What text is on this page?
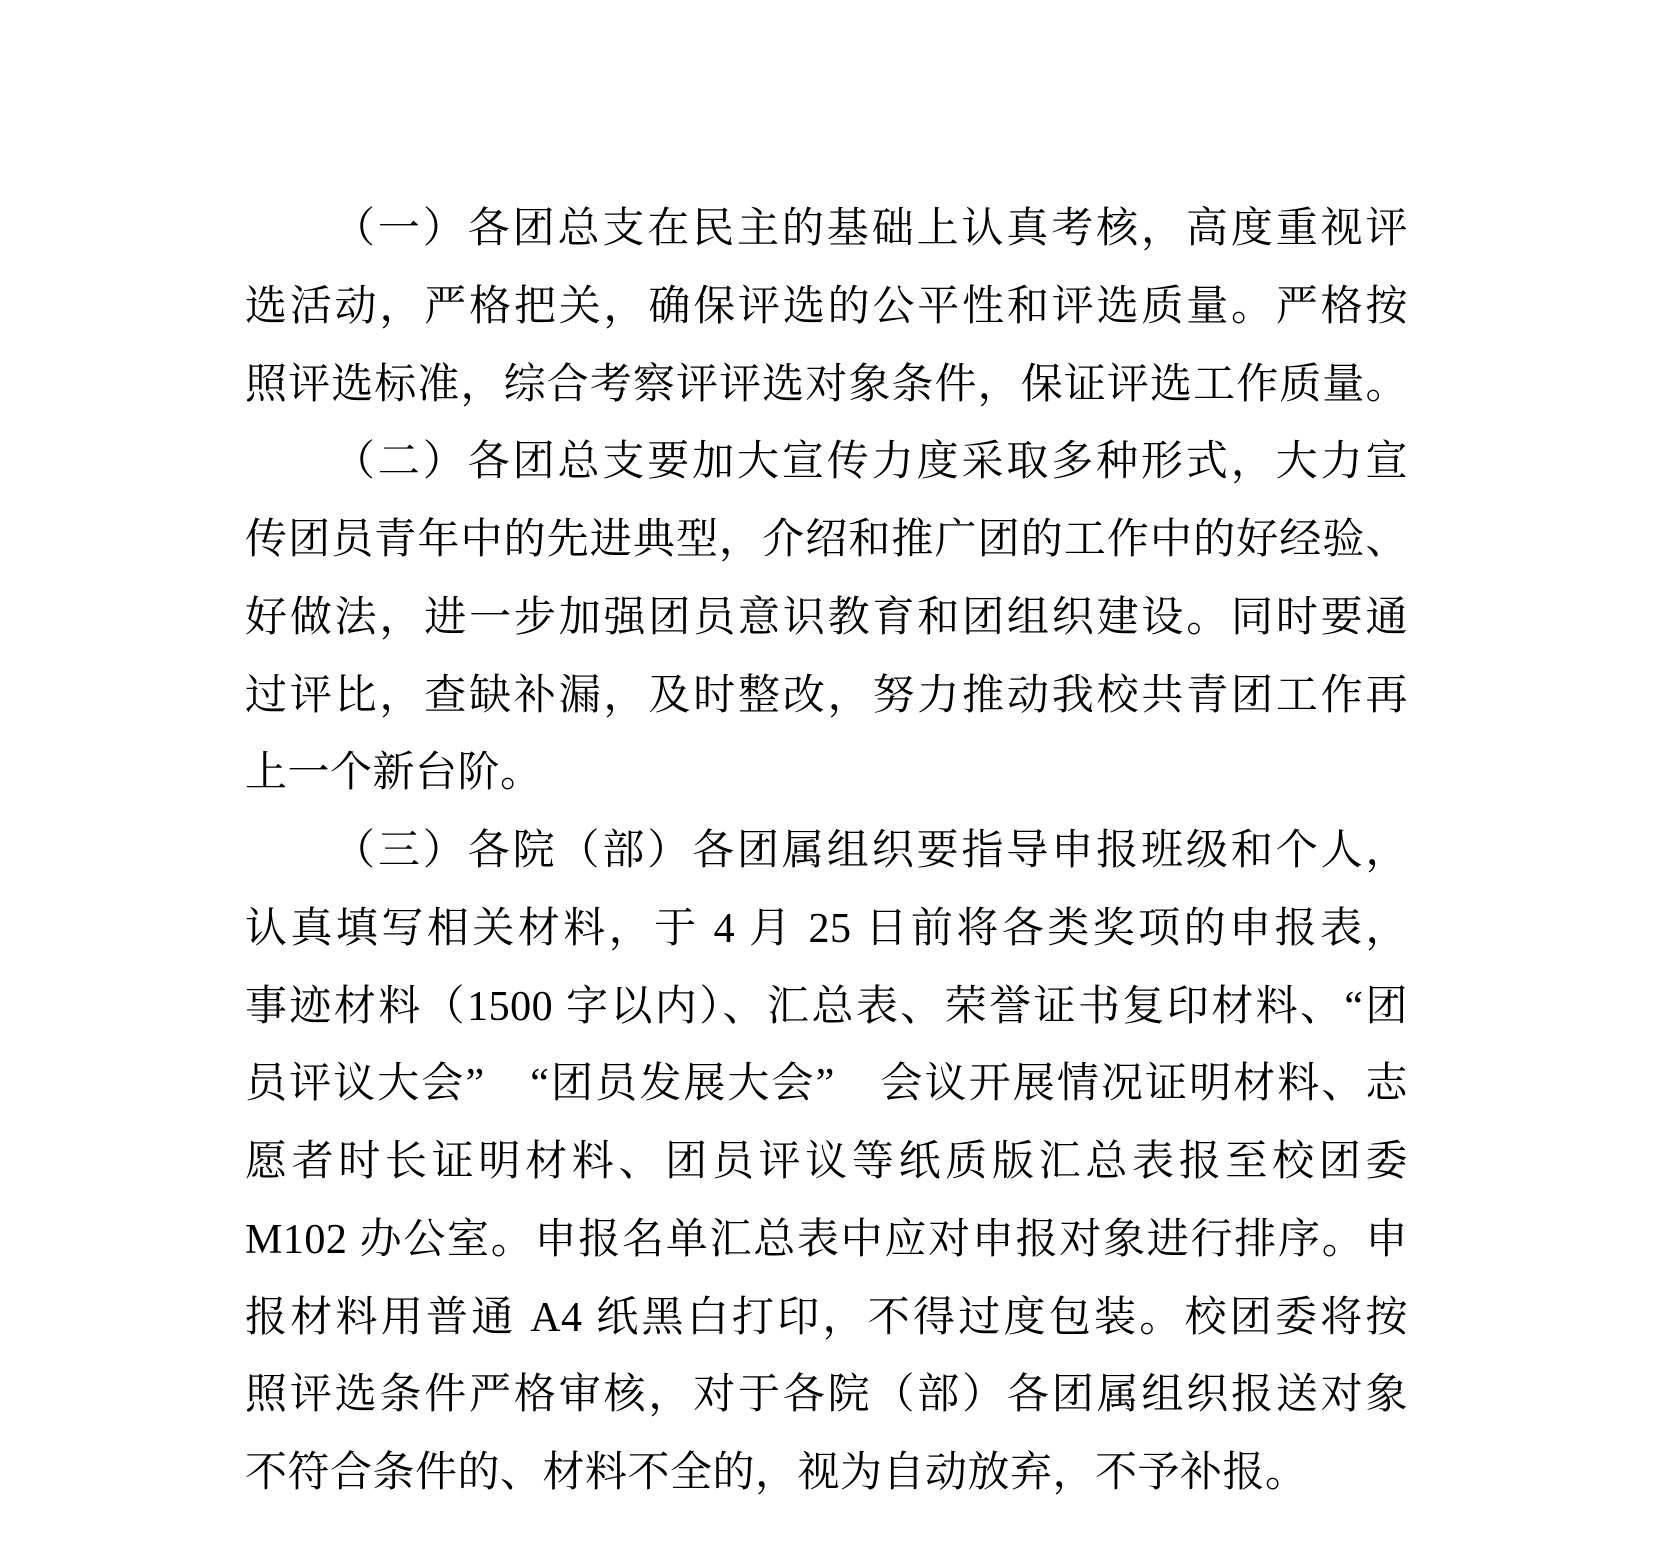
（一）各团总支在民主的基础上认真考核，高度重视评
选活动，严格把关，确保评选的公平性和评选质量。严格按
照评选标准，综合考察评评选对象条件，保证评选工作质量。
（二）各团总支要加大宣传力度采取多种形式，大力宣
传团员青年中的先进典型，介绍和推广团的工作中的好经验、
好做法，进一步加强团员意识教育和团组织建设。同时要通
过评比，查缺补漏，及时整改，努力推动我校共青团工作再
上一个新台阶。
（三）各院（部）各团属组织要指导申报班级和个人，
认真填写相关材料，于 4 月 25 日前将各类奖项的申报表，
事迹材料（1500 字以内）、汇总表、荣誉证书复印材料、“团
员评议大会”　“团员发展大会”　会议开展情况证明材料、志
愿者时长证明材料、团员评议等纸质版汇总表报至校团委
M102 办公室。申报名单汇总表中应对申报对象进行排序。申
报材料用普通 A4 纸黑白打印，不得过度包装。校团委将按
照评选条件严格审核，对于各院（部）各团属组织报送对象
不符合条件的、材料不全的，视为自动放弃，不予补报。
